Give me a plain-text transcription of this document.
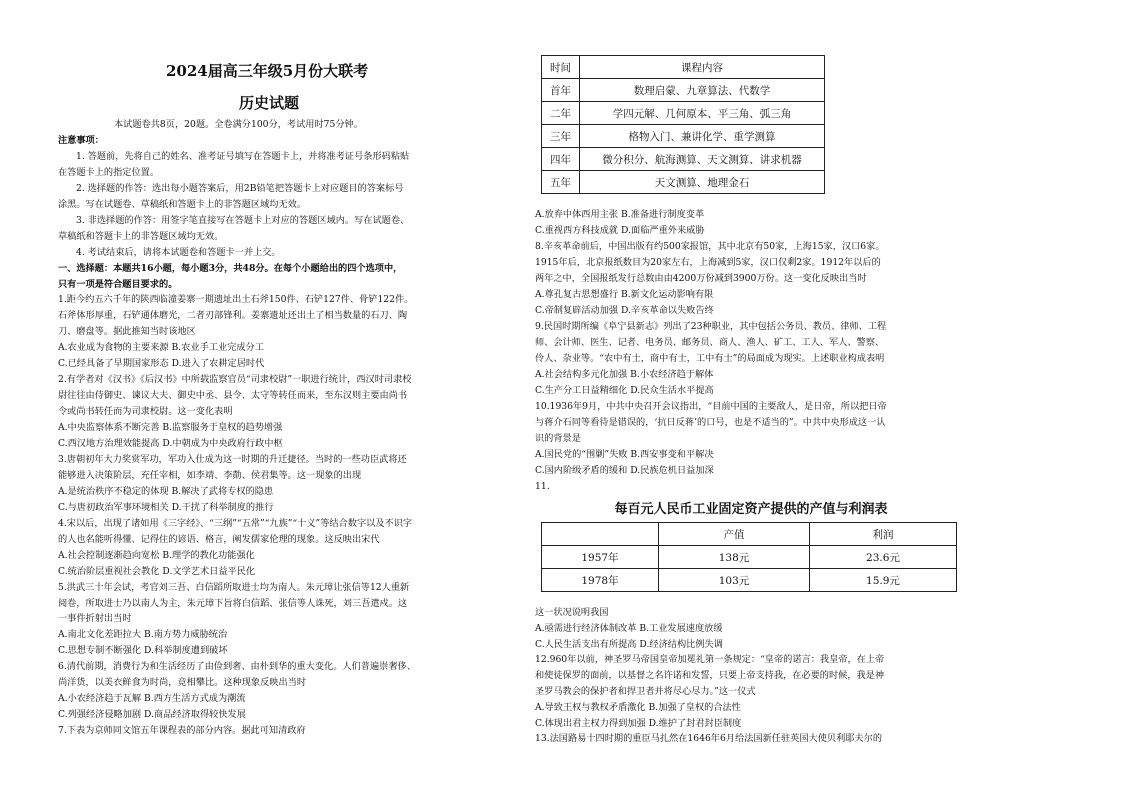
2024届高三年级5月份大联考
历史试题
本试题卷共8页，20题。全卷满分100分，考试用时75分钟。
注意事项：
1. 答题前，先将自己的姓名、准考证号填写在答题卡上，并将准考证号条形码粘贴
在答题卡上的指定位置。
2. 选择题的作答：选出每小题答案后，用2B铅笔把答题卡上对应题目的答案标号
涂黑。写在试题卷、草稿纸和答题卡上的非答题区域均无效。
3. 非选择题的作答：用签字笔直接写在答题卡上对应的答题区域内。写在试题卷、
草稿纸和答题卡上的非答题区域均无效。
4. 考试结束后，请将本试题卷和答题卡一并上交。
一、选择题：本题共16小题，每小题3分，共48分。在每个小题给出的四个选项中，
只有一项是符合题目要求的。
1.距今约五六千年的陕西临潼姜寨一期遗址出土石斧150件、石铲127件、骨铲122件。
石斧体形厚重，石铲通体磨光，二者刃部锋利。姜寨遗址还出土了相当数量的石刀、陶
刀、磨盘等。据此推知当时该地区
A.农业成为食物的主要来源 B.农业手工业完成分工
C.已经具备了早期国家形态 D.进入了农耕定居时代
2.有学者对《汉书》《后汉书》中所载监察官员“司隶校尉”一职进行统计，西汉时司隶校
尉往往由侍御史、谏议大夫、御史中丞、县令、太守等转任而来，至东汉则主要由尚书
令或尚书转任而为司隶校尉。这一变化表明
A.中央监察体系不断完善 B.监察服务于皇权的趋势增强
C.西汉地方治理效能提高 D.中朝成为中央政府行政中枢
3.唐朝初年大力奖赏军功，军功入仕成为这一时期的升迁捷径。当时的一些功臣武将还
能够进入决策阶层，充任宰相，如李靖、李勣、侯君集等。这一现象的出现
A.是统治秩序不稳定的体现 B.解决了武将专权的隐患
C.与唐初政治军事环境相关 D.干扰了科举制度的推行
4.宋以后，出现了诸如用《三字经》、“三纲”“五常”“九族”“十义”等结合数字以及不识字
的人也名能听得懂、记得住的谚语、格言，阐发儒家伦理的现象。这反映出宋代
A.社会控制逐渐趋向宽松 B.理学的教化功能强化
C.统治阶层重视社会教化 D.文学艺术日益平民化
5.洪武三十年会试，考官刘三吾、白信蹈所取进士均为南人。朱元璋让张信等12人重新
阅卷，所取进士乃以南人为主，朱元璋下旨将白信蹈、张信等人诛死，刘三吾遣戍。这
一事件折射出当时
A.南北文化差距拉大 B.南方势力威胁统治
C.思想专制不断强化 D.科举制度遭到破坏
6.清代前期，消费行为和生活经历了由俭到奢、由朴到华的重大变化。人们普遍崇奢侈、
尚洋货，以美衣鲜食为时尚，竞相攀比。这种现象反映出当时
A.小农经济趋于瓦解 B.西方生活方式成为潮流
C.列强经济侵略加剧 D.商品经济取得较快发展
7.下表为京师同文馆五年课程表的部分内容。据此可知清政府
时间	课程内容
首年	数理启蒙、九章算法、代数学
二年	学四元解、几何原本、平三角、弧三角
三年	格物入门、兼讲化学、重学测算
四年	微分积分、航海测算、天文测算、讲求机器
五年	天文测算、地理金石
A.放弃中体西用主张 B.准备进行制度变革
C.重视西方科技成就 D.面临严重外来威胁
8.辛亥革命前后，中国出版有约500家报馆，其中北京有50家，上海15家，汉口6家。
1915年后，北京报纸数目为20家左右，上海减到5家，汉口仅剩2家。1912年以后的
两年之中，全国报纸发行总数由由4200万份减到3900万份。这一变化反映出当时
A.尊孔复古思想盛行 B.新文化运动影响有限
C.帝制复辟活动加强 D.辛亥革命以失败告终
9.民国时期所编《阜宁县新志》列出了23种职业，其中包括公务员、教员、律师、工程
师、会计师、医生、记者、电务员、邮务员、商人、渔人、矿工、工人、军人、警察、
伶人、杂业等。“农中有士，商中有士，工中有士”的局面成为现实。上述职业构成表明
A.社会结构多元化加强 B.小农经济趋于解体
C.生产分工日益精细化 D.民众生活水平提高
10.1936年9月，中共中央召开会议指出，“目前中国的主要敌人，是日帝，所以把日帝
与蒋介石同等看待是错误的，‘抗日反蒋’的口号，也是不适当的”。中共中央形成这一认
识的背景是
A.国民党的“围剿”失败 B.西安事变和平解决
C.国内阶级矛盾的缓和 D.民族危机日益加深
11.
每百元人民币工业固定资产提供的产值与利润表
	产值	利润
1957年	138元	23.6元
1978年	103元	15.9元
这一状况说明我国
A.亟需进行经济体制改革 B.工业发展速度放缓
C.人民生活支出有所提高 D.经济结构比例失调
12.960年以前，神圣罗马帝国皇帝加冕礼第一条规定：“皇帝的诺言：我皇帝，在上帝
和使徒保罗的面前，以基督之名许诺和发誓，只要上帝支持我，在必要的时候，我是神
圣罗马教会的保护者和捍卫者并将尽心尽力。”这一仪式
A.导致王权与教权矛盾激化 B.加强了皇权的合法性
C.体现出君主权力得到加强 D.维护了封君封臣制度
13.法国路易十四时期的重臣马扎然在1646年6月给法国新任驻英国大使贝利耶夫尔的
